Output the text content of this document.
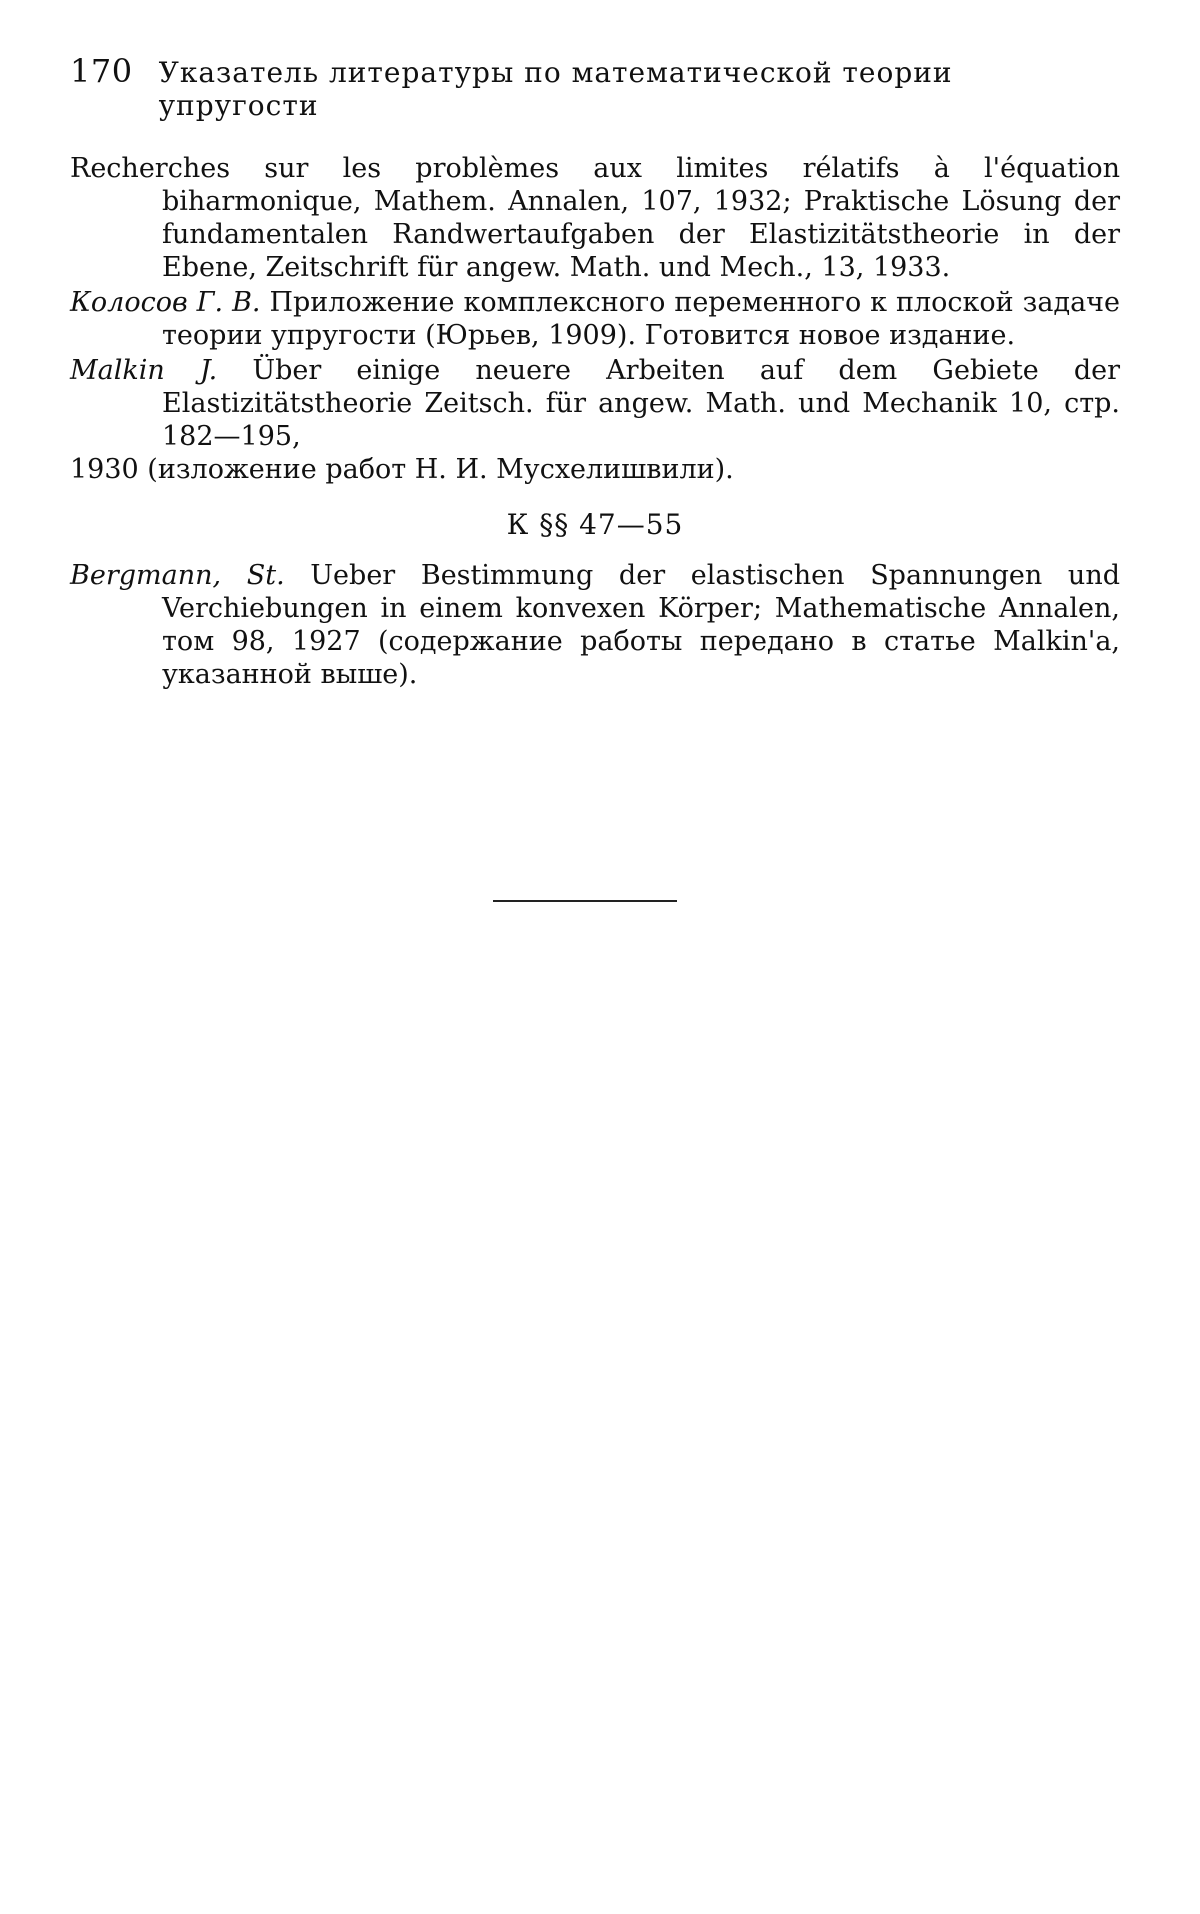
170 Указатель литературы по математической теории упругости

Recherches sur les problèmes aux limites rélatifs à l'équation biharmonique, Mathem. Annalen, 107, 1932; Praktische Lösung der fundamentalen Randwertaufgaben der Elastizitätstheorie in der Ebene, Zeitschrift für angew. Math. und Mech., 13, 1933.

Колосов Г. В. Приложение комплексного переменного к плоской задаче теории упругости (Юрьев, 1909). Готовится новое издание.

Malkin J. Über einige neuere Arbeiten auf dem Gebiete der Elastizitätstheorie Zeitsch. für angew. Math. und Mechanik 10, стр. 182—195,

1930 (изложение работ Н. И. Мусхелишвили).

К §§ 47—55

Bergmann, St. Ueber Bestimmung der elastischen Spannungen und Verchiebungen in einem konvexen Körper; Mathematische Annalen, том 98, 1927 (содержание работы передано в статье Malkin'a, указанной выше).
